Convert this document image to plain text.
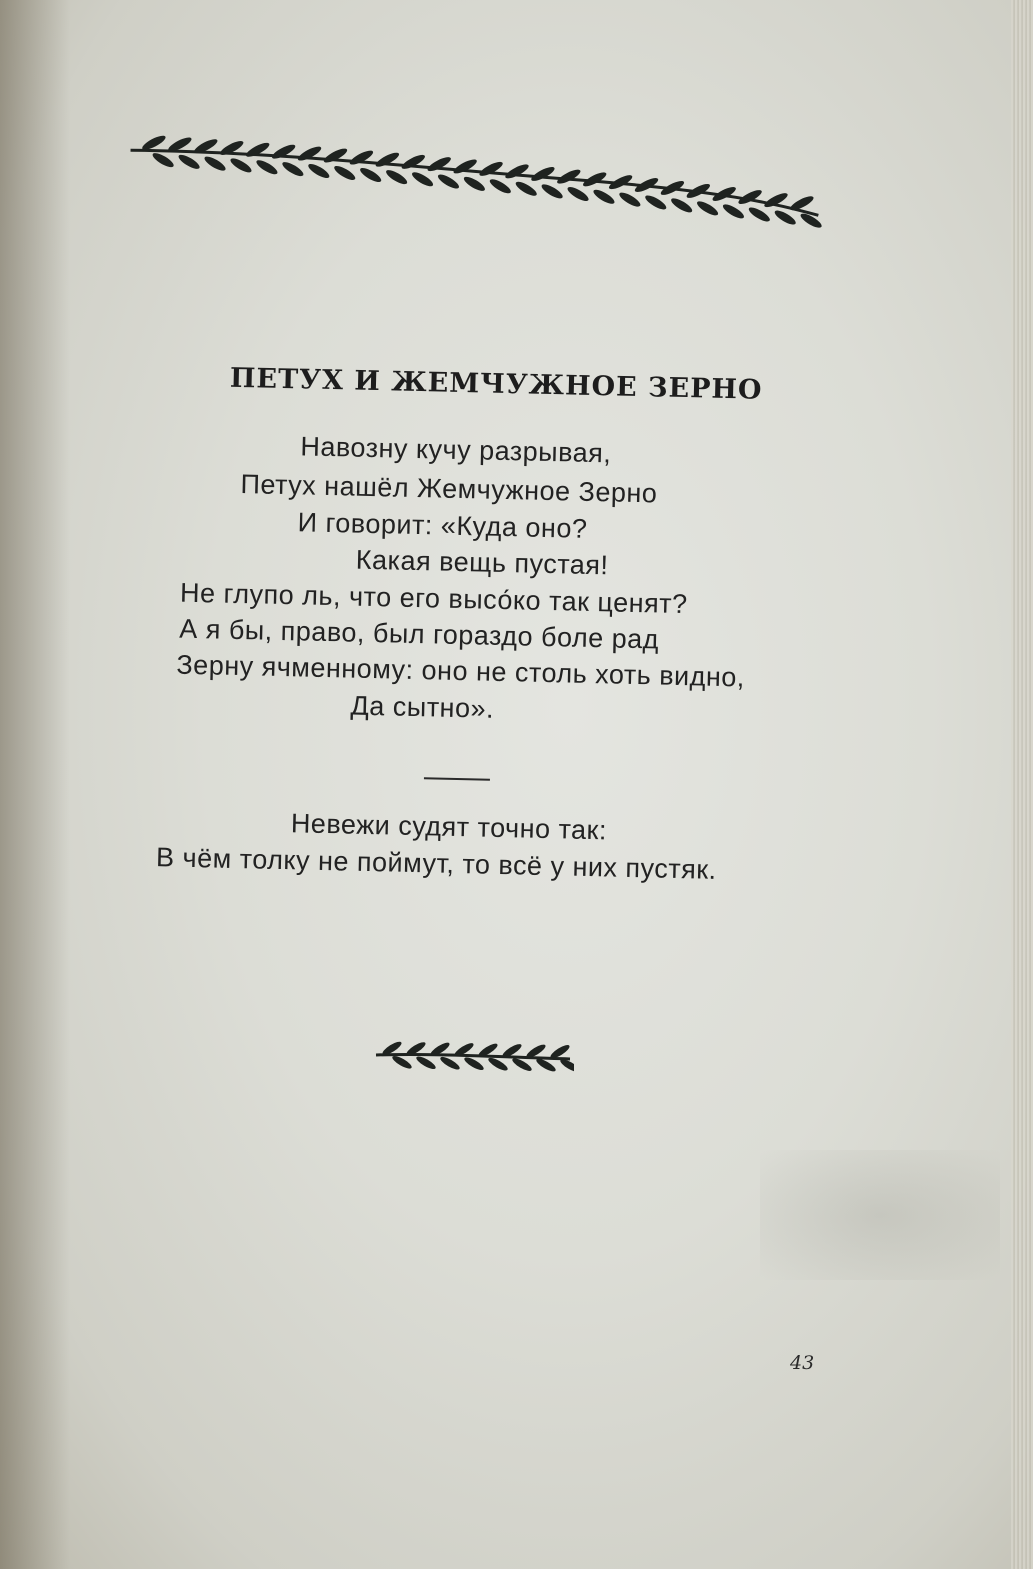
ПЕТУХ И ЖЕМЧУЖНОЕ ЗЕРНО
Навозну кучу разрывая,
Петух нашёл Жемчужное Зерно
И говорит: «Куда оно?
Какая вещь пустая!
Не глупо ль, что его высо́ко так ценят?
А я бы, право, был гораздо боле рад
Зерну ячменному: оно не столь хоть видно,
Да сытно».
Невежи судят точно так:
В чём толку не поймут, то всё у них пустяк.
43
